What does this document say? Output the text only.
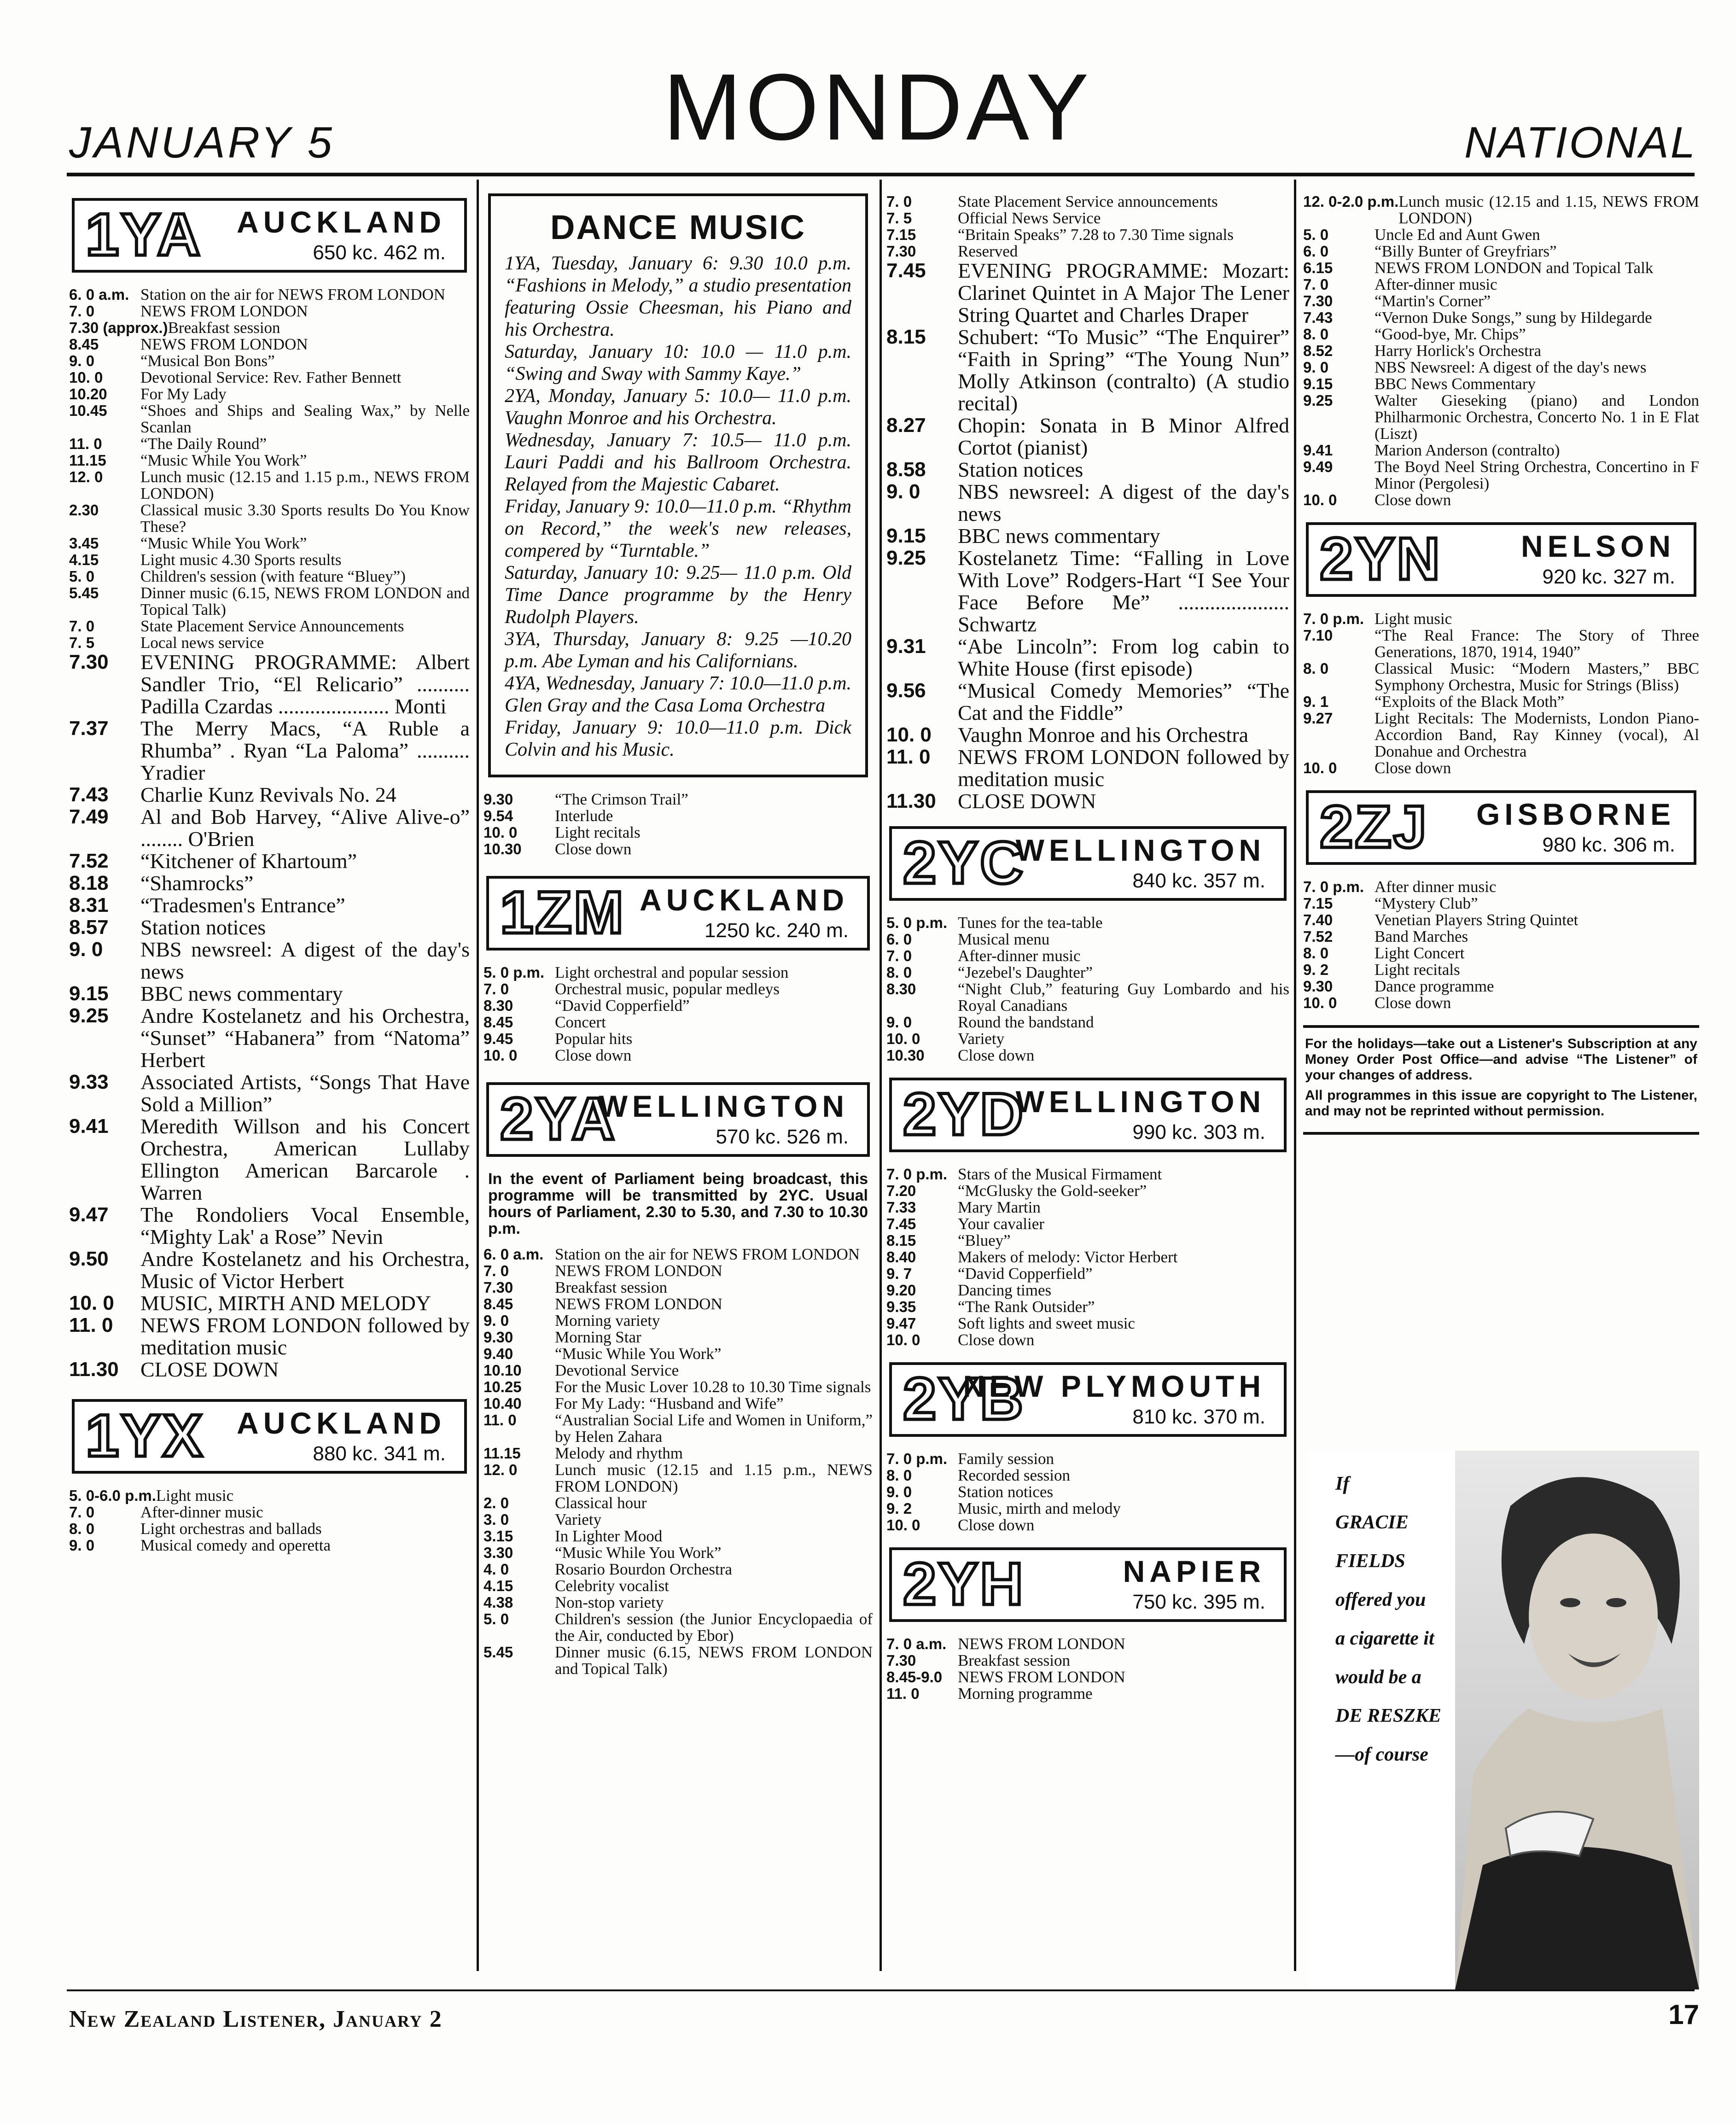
JANUARY 5	MONDAY	NATIONAL
1YA AUCKLAND
650 kc. 462 m.
6. 0 a.m. Station on the air for NEWS FROM LONDON
7. 0	NEWS FROM LONDON
7.30 (approx.) Breakfast session
8.45	NEWS FROM LONDON
9. 0	“Musical Bon Bons”
10. 0	Devotional Service: Rev. Father Bennett
10.20	For My Lady
10.45	“Shoes and Ships and Sealing Wax,” by Nelle Scanlan
11. 0	“The Daily Round”
11.15	“Music While You Work”
12. 0	Lunch music (12.15 and 1.15 p.m., NEWS FROM LONDON)
2.30	Classical music 3.30 Sports results Do You Know These?
3.45	“Music While You Work”
4.15	Light music 4.30 Sports results
5. 0	Children's session (with feature “Bluey”)
5.45	Dinner music (6.15, NEWS FROM LONDON and Topical Talk)
7. 0	State Placement Service Announcements
7. 5	Local news service
7.30	EVENING PROGRAMME: Albert Sandler Trio, “El Relicario” .......... Padilla Czardas ..................... Monti
7.37	The Merry Macs, “A Ruble a Rhumba” . Ryan “La Paloma” .......... Yradier
7.43	Charlie Kunz Revivals No. 24
7.49	Al and Bob Harvey, “Alive Alive-o” ........ O'Brien
7.52	“Kitchener of Khartoum”
8.18	“Shamrocks”
8.31	“Tradesmen's Entrance”
8.57	Station notices
9. 0	NBS newsreel: A digest of the day's news
9.15	BBC news commentary
9.25	Andre Kostelanetz and his Orchestra, “Sunset” “Habanera” from “Natoma” Herbert
9.33	Associated Artists, “Songs That Have Sold a Million”
9.41	Meredith Willson and his Concert Orchestra, American Lullaby Ellington American Barcarole . Warren
9.47	The Rondoliers Vocal Ensemble, “Mighty Lak' a Rose” Nevin
9.50	Andre Kostelanetz and his Orchestra, Music of Victor Herbert
10. 0	MUSIC, MIRTH AND MELODY
11. 0	NEWS FROM LONDON followed by meditation music
11.30	CLOSE DOWN
1YX AUCKLAND
880 kc. 341 m.
5. 0-6.0 p.m. Light music
7. 0	After-dinner music
8. 0	Light orchestras and ballads
9. 0	Musical comedy and operetta
DANCE MUSIC

1YA, Tuesday, January 6: 9.30 10.0 p.m. “Fashions in Melody,” a studio presentation featuring Ossie Cheesman, his Piano and his Orchestra.

Saturday, January 10: 10.0 — 11.0 p.m. “Swing and Sway with Sammy Kaye.”

2YA, Monday, January 5: 10.0— 11.0 p.m. Vaughn Monroe and his Orchestra.

Wednesday, January 7: 10.5— 11.0 p.m. Lauri Paddi and his Ballroom Orchestra. Relayed from the Majestic Cabaret.

Friday, January 9: 10.0—11.0 p.m. “Rhythm on Record,” the week's new releases, compered by “Turntable.”

Saturday, January 10: 9.25— 11.0 p.m. Old Time Dance programme by the Henry Rudolph Players.

3YA, Thursday, January 8: 9.25 —10.20 p.m. Abe Lyman and his Californians.

4YA, Wednesday, January 7: 10.0—11.0 p.m. Glen Gray and the Casa Loma Orchestra

Friday, January 9: 10.0—11.0 p.m. Dick Colvin and his Music.

9.30	“The Crimson Trail”
9.54	Interlude
10. 0	Light recitals
10.30	Close down
1ZM AUCKLAND
1250 kc. 240 m.
5. 0 p.m. Light orchestral and popular session
7. 0	Orchestral music, popular medleys
8.30	“David Copperfield”
8.45	Concert
9.45	Popular hits
10. 0	Close down
2YA
WELLINGTON
570 kc. 526 m.
In the event of Parliament being broadcast, this programme will be transmitted by 2YC. Usual hours of Parliament, 2.30 to 5.30, and 7.30 to 10.30 p.m.
6. 0 a.m. Station on the air for NEWS FROM LONDON
7. 0	NEWS FROM LONDON
7.30	Breakfast session
8.45	NEWS FROM LONDON
9. 0	Morning variety
9.30	Morning Star
9.40	“Music While You Work”
10.10	Devotional Service
10.25	For the Music Lover 10.28 to 10.30 Time signals
10.40	For My Lady: “Husband and Wife”
11. 0	“Australian Social Life and Women in Uniform,” by Helen Zahara
11.15	Melody and rhythm
12. 0	Lunch music (12.15 and 1.15 p.m., NEWS FROM LONDON)
2. 0	Classical hour
3. 0	Variety
3.15	In Lighter Mood
3.30	“Music While You Work”
4. 0	Rosario Bourdon Orchestra
4.15	Celebrity vocalist
4.38	Non-stop variety
5. 0	Children's session (the Junior Encyclopaedia of the Air, conducted by Ebor)
5.45	Dinner music (6.15, NEWS FROM LONDON and Topical Talk)
7. 0	State Placement Service announcements
7. 5	Official News Service
7.15	“Britain Speaks” 7.28 to 7.30 Time signals
7.30	Reserved
7.45	EVENING PROGRAMME: Mozart: Clarinet Quintet in A Major The Lener String Quartet and Charles Draper
8.15	Schubert: “To Music” “The Enquirer” “Faith in Spring” “The Young Nun” Molly Atkinson (contralto) (A studio recital)
8.27	Chopin: Sonata in B Minor Alfred Cortot (pianist)
8.58	Station notices
9. 0	NBS newsreel: A digest of the day's news
9.15	BBC news commentary
9.25	Kostelanetz Time: “Falling in Love With Love” Rodgers-Hart “I See Your Face Before Me” ..................... Schwartz
9.31	“Abe Lincoln”: From log cabin to White House (first episode)
9.56	“Musical Comedy Memories” “The Cat and the Fiddle”
10. 0	Vaughn Monroe and his Orchestra
11. 0	NEWS FROM LONDON followed by meditation music
11.30	CLOSE DOWN
2YC
WELLINGTON
840 kc. 357 m.
5. 0 p.m. Tunes for the tea-table
6. 0	Musical menu
7. 0	After-dinner music
8. 0	“Jezebel's Daughter”
8.30	“Night Club,” featuring Guy Lombardo and his Royal Canadians
9. 0	Round the bandstand
10. 0	Variety
10.30	Close down
2YD
WELLINGTON
990 kc. 303 m.
7. 0 p.m. Stars of the Musical Firmament
7.20	“McGlusky the Gold-seeker”
7.33	Mary Martin
7.45	Your cavalier
8.15	“Bluey”
8.40	Makers of melody: Victor Herbert
9. 7	“David Copperfield”
9.20	Dancing times
9.35	“The Rank Outsider”
9.47	Soft lights and sweet music
10. 0	Close down
2YB
NEW PLYMOUTH
810 kc. 370 m.
7. 0 p.m. Family session
8. 0	Recorded session
9. 0	Station notices
9. 2	Music, mirth and melody
10. 0	Close down
2YH	NAPIER
750 kc. 395 m.
7. 0 a.m. NEWS FROM LONDON
7.30	Breakfast session
8.45-9.0 NEWS FROM LONDON
11. 0	Morning programme
12. 0-2.0 p.m. Lunch music (12.15 and 1.15, NEWS FROM LONDON)
5. 0	Uncle Ed and Aunt Gwen
6. 0	“Billy Bunter of Greyfriars”
6.15	NEWS FROM LONDON and Topical Talk
7. 0	After-dinner music
7.30	“Martin's Corner”
7.43	“Vernon Duke Songs,” sung by Hildegarde
8. 0	“Good-bye, Mr. Chips”
8.52	Harry Horlick's Orchestra
9. 0	NBS Newsreel: A digest of the day's news
9.15	BBC News Commentary
9.25	Walter Gieseking (piano) and London Philharmonic Orchestra, Concerto No. 1 in E Flat (Liszt)
9.41	Marion Anderson (contralto)
9.49	The Boyd Neel String Orchestra, Concertino in F Minor (Pergolesi)
10. 0	Close down
2YN	NELSON
920 kc. 327 m.
7. 0 p.m. Light music
7.10	“The Real France: The Story of Three Generations, 1870, 1914, 1940”
8. 0	Classical Music: “Modern Masters,” BBC Symphony Orchestra, Music for Strings (Bliss)
9. 1	“Exploits of the Black Moth”
9.27	Light Recitals: The Modernists, London Piano-Accordion Band, Ray Kinney (vocal), Al Donahue and Orchestra
10. 0	Close down
2ZJ GISBORNE
980 kc. 306 m.
7. 0 p.m. After dinner music
7.15	“Mystery Club”
7.40	Venetian Players String Quintet
7.52	Band Marches
8. 0	Light Concert
9. 2	Light recitals
9.30	Dance programme
10. 0	Close down

For the holidays—take out a Listener's Subscription at any Money Order Post Office—and advise “The Listener” of your changes of address.

All programmes in this issue are copyright to The Listener, and may not be reprinted without permission.

If
GRACIE
FIELDS
offered you
a cigarette it
would be a
DE RESZKE
—of course
New Zealand Listener, January 2	17
